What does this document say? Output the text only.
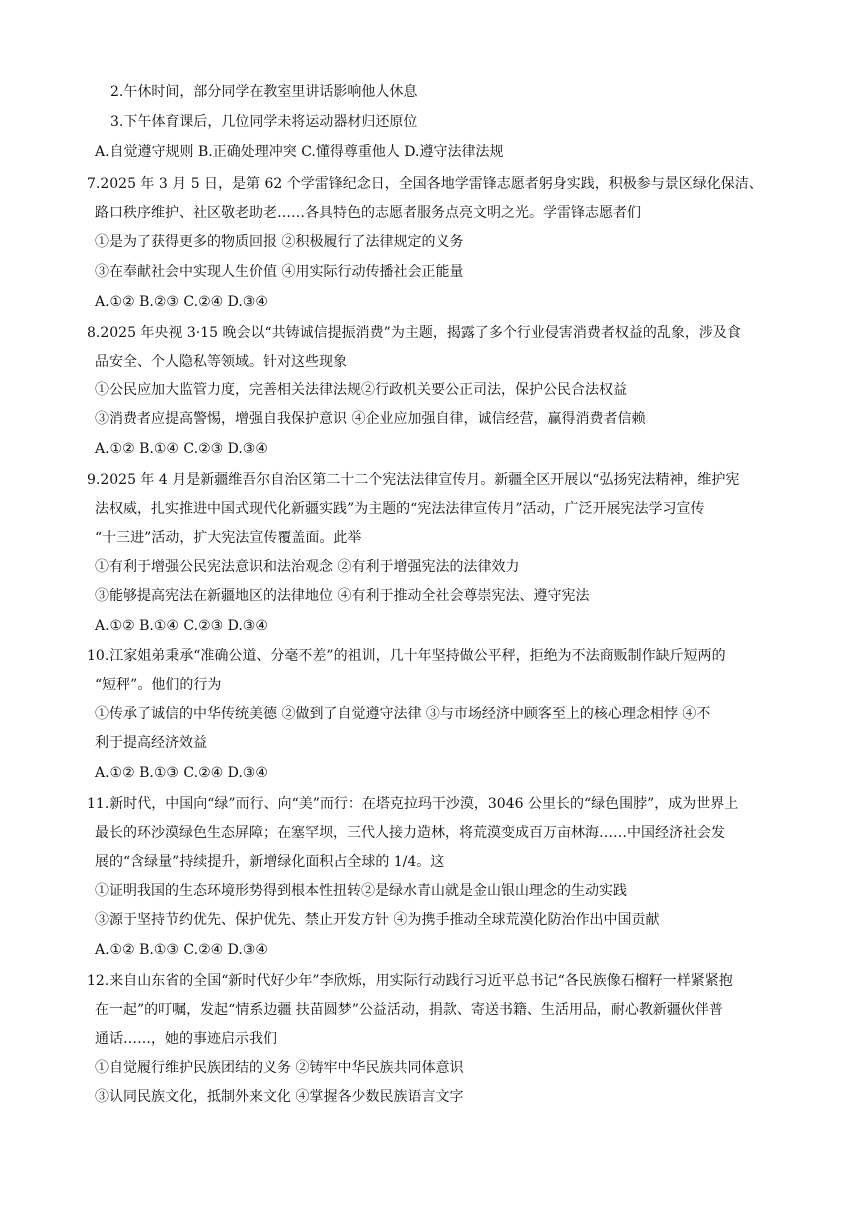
2.午休时间，部分同学在教室里讲话影响他人休息
3.下午体育课后，几位同学未将运动器材归还原位
A.自觉遵守规则 B.正确处理冲突 C.懂得尊重他人 D.遵守法律法规
7.2025 年 3 月 5 日，是第 62 个学雷锋纪念日，全国各地学雷锋志愿者躬身实践，积极参与景区绿化保洁、
路口秩序维护、社区敬老助老……各具特色的志愿者服务点亮文明之光。学雷锋志愿者们
①是为了获得更多的物质回报 ②积极履行了法律规定的义务
③在奉献社会中实现人生价值 ④用实际行动传播社会正能量
A.①② B.②③ C.②④ D.③④
8.2025 年央视 3·15 晚会以“共铸诚信提振消费”为主题，揭露了多个行业侵害消费者权益的乱象，涉及食
品安全、个人隐私等领域。针对这些现象
①公民应加大监管力度，完善相关法律法规②行政机关要公正司法，保护公民合法权益
③消费者应提高警惕，增强自我保护意识 ④企业应加强自律，诚信经营，赢得消费者信赖
A.①② B.①④ C.②③ D.③④
9.2025 年 4 月是新疆维吾尔自治区第二十二个宪法法律宣传月。新疆全区开展以“弘扬宪法精神，维护宪
法权威，扎实推进中国式现代化新疆实践”为主题的“宪法法律宣传月”活动，广泛开展宪法学习宣传
“十三进”活动，扩大宪法宣传覆盖面。此举
①有利于增强公民宪法意识和法治观念 ②有利于增强宪法的法律效力
③能够提高宪法在新疆地区的法律地位 ④有利于推动全社会尊崇宪法、遵守宪法
A.①② B.①④ C.②③ D.③④
10.江家姐弟秉承“准确公道、分毫不差”的祖训，几十年坚持做公平秤，拒绝为不法商贩制作缺斤短两的
“短秤”。他们的行为
①传承了诚信的中华传统美德 ②做到了自觉遵守法律 ③与市场经济中顾客至上的核心理念相悖 ④不
利于提高经济效益
A.①② B.①③ C.②④ D.③④
11.新时代，中国向“绿”而行、向“美”而行：在塔克拉玛干沙漠，3046 公里长的“绿色围脖”，成为世界上
最长的环沙漠绿色生态屏障；在塞罕坝，三代人接力造林，将荒漠变成百万亩林海……中国经济社会发
展的“含绿量”持续提升，新增绿化面积占全球的 1/4。这
①证明我国的生态环境形势得到根本性扭转②是绿水青山就是金山银山理念的生动实践
③源于坚持节约优先、保护优先、禁止开发方针 ④为携手推动全球荒漠化防治作出中国贡献
A.①② B.①③ C.②④ D.③④
12.来自山东省的全国“新时代好少年”李欣烁，用实际行动践行习近平总书记“各民族像石榴籽一样紧紧抱
在一起”的叮嘱，发起“情系边疆 扶苗圆梦”公益活动，捐款、寄送书籍、生活用品，耐心教新疆伙伴普
通话……，她的事迹启示我们
①自觉履行维护民族团结的义务 ②铸牢中华民族共同体意识
③认同民族文化，抵制外来文化 ④掌握各少数民族语言文字
